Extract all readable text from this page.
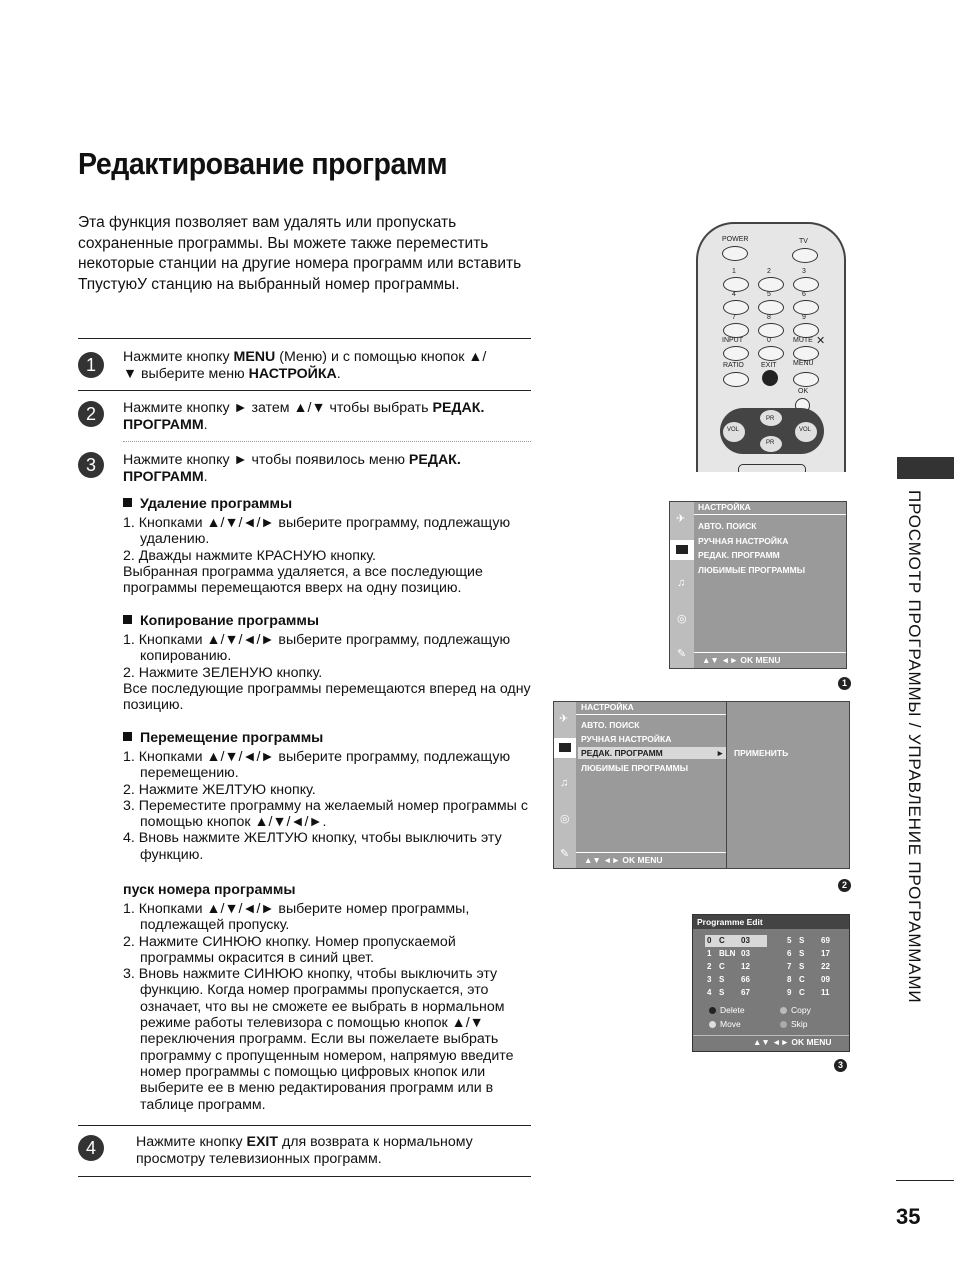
Редактирование программ
Эта функция позволяет вам удалять или пропускать сохраненные программы. Вы можете также переместить некоторые станции на другие номера программ или вставить ТпустуюУ станцию на выбранный номер программы.
1	Нажмите кнопку MENU (Меню) и с помощью кнопок ▲/
▼ выберите меню НАСТРОЙКА.
2	Нажмите кнопку ► затем ▲/▼ чтобы выбрать РЕДАК.
ПРОГРАММ.
3	Нажмите кнопку ► чтобы появилось меню РЕДАК.
ПРОГРАММ.
Удаление программы
1. Кнопками ▲/▼/◄/► выберите программу, подлежащую удалению.
2. Дважды нажмите КРАСНУЮ кнопку.
Выбранная программа удаляется, а все последующие программы перемещаются вверх на одну позицию.
Копирование программы
1. Кнопками ▲/▼/◄/► выберите программу, подлежащую копированию.
2. Нажмите ЗЕЛЕНУЮ кнопку.
Все последующие программы перемещаются вперед на одну позицию.
Перемещение программы
1. Кнопками ▲/▼/◄/► выберите программу, подлежащую перемещению.
2. Нажмите ЖЕЛТУЮ кнопку.
3. Переместите программу на желаемый номер программы с помощью кнопок ▲/▼/◄/►.
4. Вновь нажмите ЖЕЛТУЮ кнопку, чтобы выключить эту функцию.
пуск номера программы
1. Кнопками ▲/▼/◄/► выберите номер программы, подлежащей пропуску.
2. Нажмите СИНЮЮ кнопку. Номер пропускаемой программы окрасится в синий цвет.
3. Вновь нажмите СИНЮЮ кнопку, чтобы выключить эту функцию. Когда номер программы пропускается, это означает, что вы не сможете ее выбрать в нормальном режиме работы телевизора с помощью кнопок ▲/▼ переключения программ. Если вы пожелаете выбрать программу с пропущенным номером, напрямую введите номер программы с помощью цифровых кнопок или выберите ее в меню редактирования программ или в таблице программ.
4	Нажмите кнопку EXIT для возврата к нормальному просмотру телевизионных программ.
POWER	TV
1	2	3
4	5	6
7	8	9
INPUT	0	MUTE ✕
RATIO EXIT MENU
OK
PR
PR
VOL	VOL
✈
♫
◎
✎
НАСТРОЙКА
АВТО. ПОИСК
РУЧНАЯ НАСТРОЙКА
РЕДАК. ПРОГРАММ
ЛЮБИМЫЕ ПРОГРАММЫ
▲▼ ◄► OK MENU
1
✈
♫
◎
✎
НАСТРОЙКА
АВТО. ПОИСК
РУЧНАЯ НАСТРОЙКА
РЕДАК. ПРОГРАММ	►
ЛЮБИМЫЕ ПРОГРАММЫ
▲▼ ◄► OK MENU
ПРИМЕНИТЬ
2
Programme Edit
0 C 03
1 BLN 03
2 C 12
3 S 66
4 S 67
5 S 69
6 S 17
7 S 22
8 C 09
9 C 11
Delete	Copy
Move	Skip
▲▼ ◄► OK MENU
3
ПРОСМОТР ПРОГРАММЫ / УПРАВЛЕНИЕ ПРОГРАММАМИ
35
